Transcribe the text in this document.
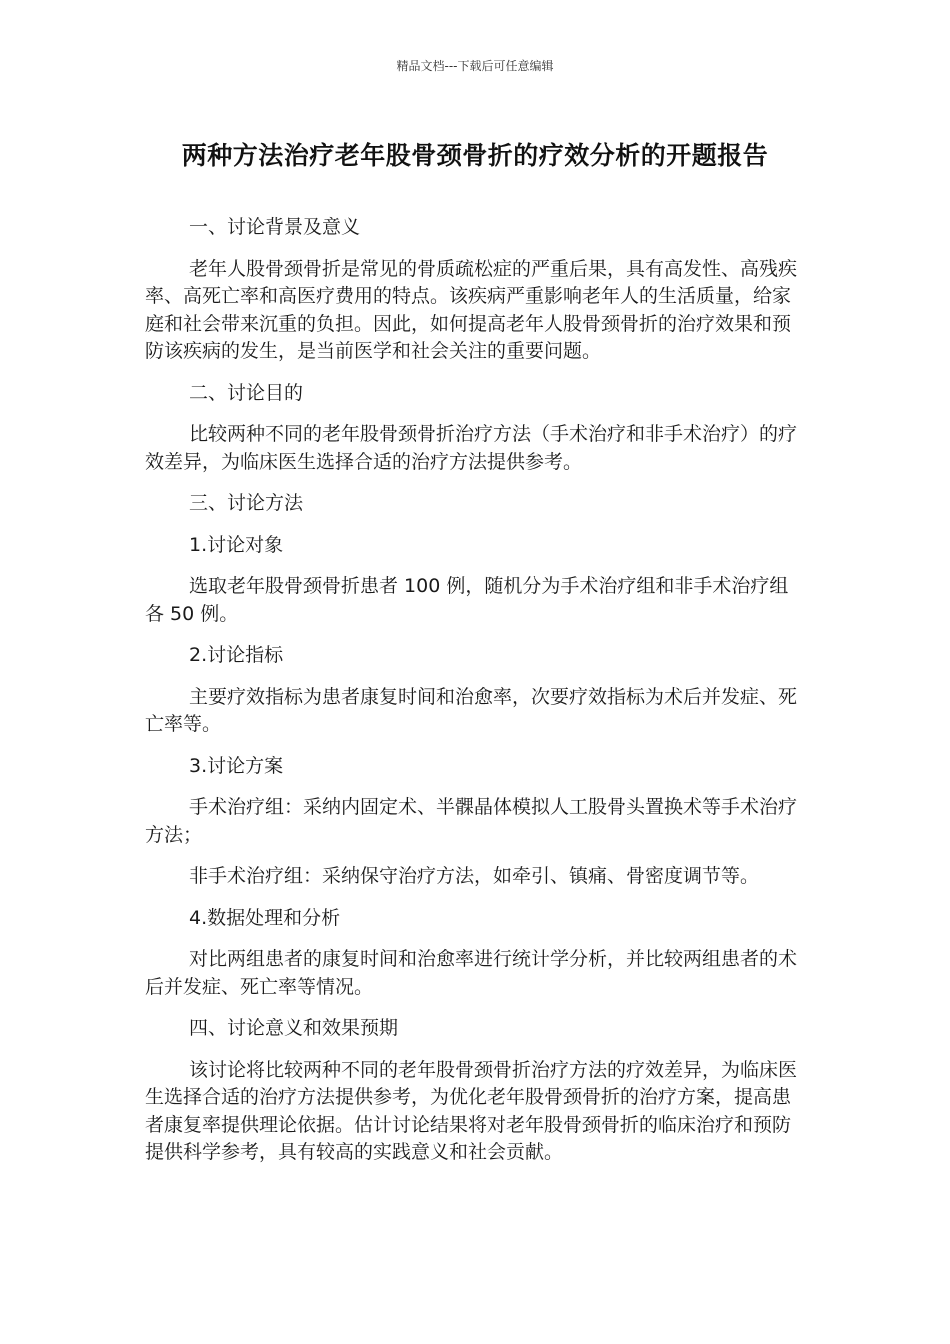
精品文档---下载后可任意编辑
两种方法治疗老年股骨颈骨折的疗效分析的开题报告

一、讨论背景及意义

老年人股骨颈骨折是常见的骨质疏松症的严重后果，具有高发性、高残疾率、高死亡率和高医疗费用的特点。该疾病严重影响老年人的生活质量，给家庭和社会带来沉重的负担。因此，如何提高老年人股骨颈骨折的治疗效果和预防该疾病的发生，是当前医学和社会关注的重要问题。

二、讨论目的

比较两种不同的老年股骨颈骨折治疗方法（手术治疗和非手术治疗）的疗效差异，为临床医生选择合适的治疗方法提供参考。

三、讨论方法

1.讨论对象

选取老年股骨颈骨折患者 100 例，随机分为手术治疗组和非手术治疗组各 50 例。

2.讨论指标

主要疗效指标为患者康复时间和治愈率，次要疗效指标为术后并发症、死亡率等。

3.讨论方案

手术治疗组：采纳内固定术、半髁晶体模拟人工股骨头置换术等手术治疗方法；

非手术治疗组：采纳保守治疗方法，如牵引、镇痛、骨密度调节等。

4.数据处理和分析

对比两组患者的康复时间和治愈率进行统计学分析，并比较两组患者的术后并发症、死亡率等情况。

四、讨论意义和效果预期

该讨论将比较两种不同的老年股骨颈骨折治疗方法的疗效差异，为临床医生选择合适的治疗方法提供参考，为优化老年股骨颈骨折的治疗方案，提高患者康复率提供理论依据。估计讨论结果将对老年股骨颈骨折的临床治疗和预防提供科学参考，具有较高的实践意义和社会贡献。
